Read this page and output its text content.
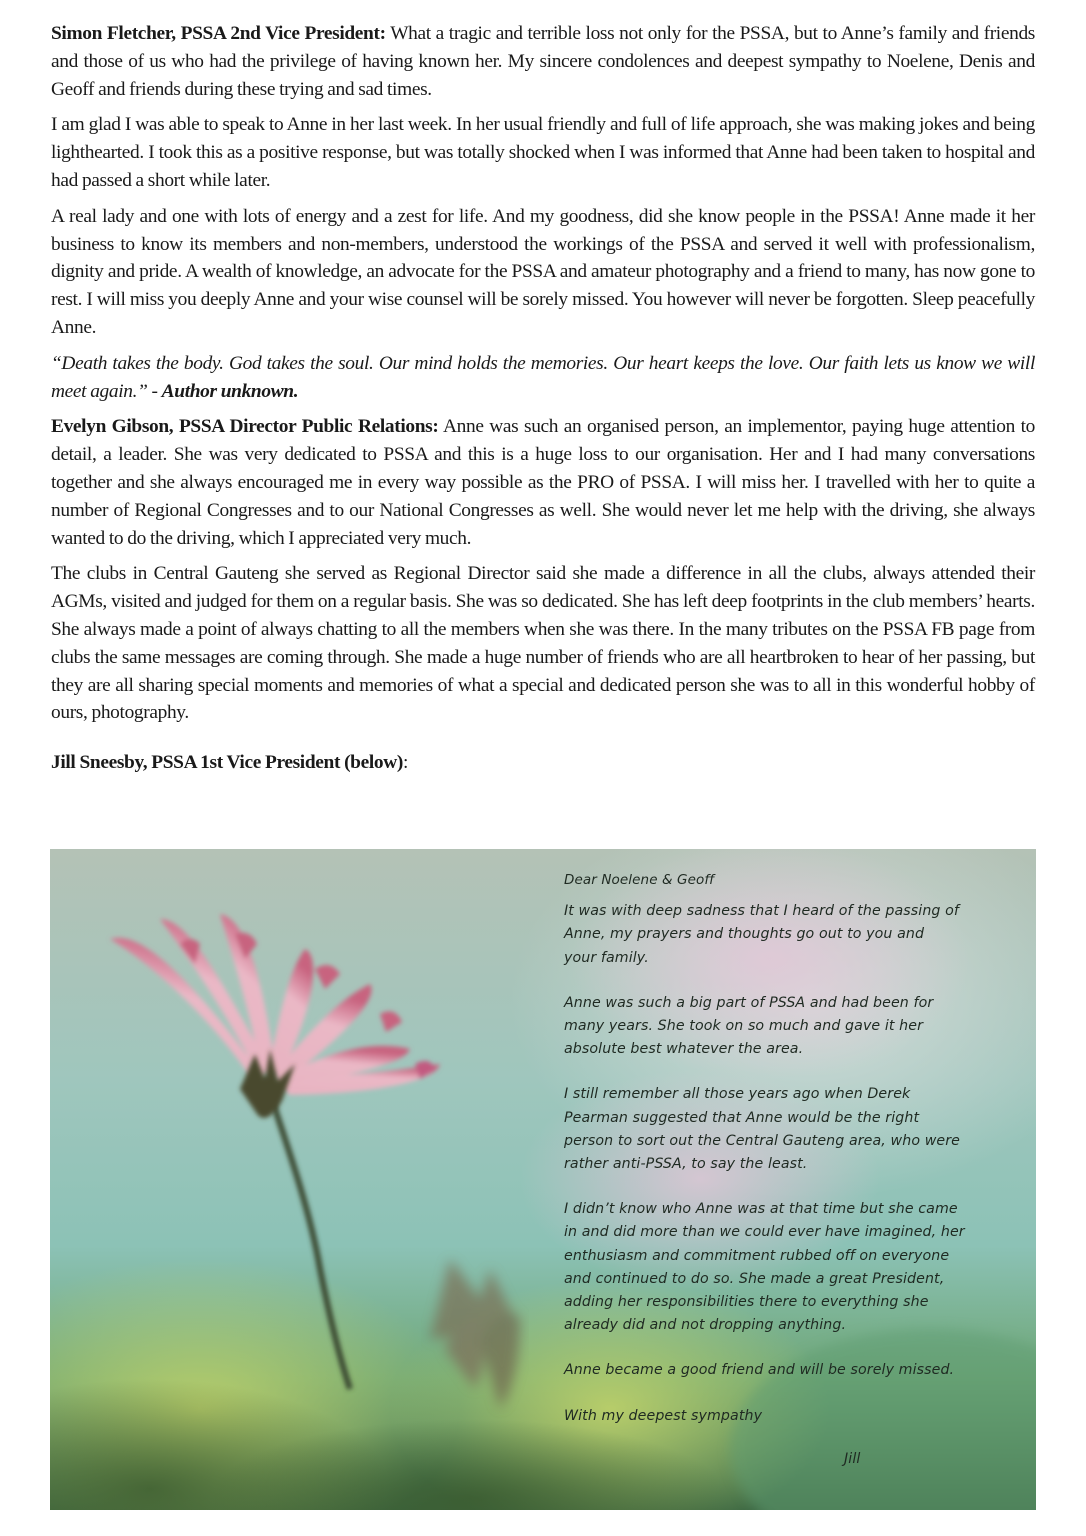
Simon Fletcher, PSSA 2nd Vice President: What a tragic and terrible loss not only for the PSSA, but to Anne’s family and friends and those of us who had the privilege of having known her. My sincere condolences and deepest sympathy to Noelene, Denis and Geoff and friends during these trying and sad times.

I am glad I was able to speak to Anne in her last week. In her usual friendly and full of life approach, she was making jokes and being lighthearted. I took this as a positive response, but was totally shocked when I was informed that Anne had been taken to hospital and had passed a short while later.

A real lady and one with lots of energy and a zest for life. And my goodness, did she know people in the PSSA! Anne made it her business to know its members and non-members, understood the workings of the PSSA and served it well with professionalism, dignity and pride. A wealth of knowledge, an advocate for the PSSA and amateur photography and a friend to many, has now gone to rest. I will miss you deeply Anne and your wise counsel will be sorely missed. You however will never be forgotten. Sleep peacefully Anne.

“Death takes the body. God takes the soul. Our mind holds the memories. Our heart keeps the love. Our faith lets us know we will meet again.” - Author unknown.

Evelyn Gibson, PSSA Director Public Relations: Anne was such an organised person, an implementor, paying huge attention to detail, a leader. She was very dedicated to PSSA and this is a huge loss to our organisation. Her and I had many conversations together and she always encouraged me in every way possible as the PRO of PSSA. I will miss her. I travelled with her to quite a number of Regional Congresses and to our National Congresses as well. She would never let me help with the driving, she always wanted to do the driving, which I appreciated very much.

The clubs in Central Gauteng she served as Regional Director said she made a difference in all the clubs, always attended their AGMs, visited and judged for them on a regular basis. She was so dedicated. She has left deep footprints in the club members’ hearts. She always made a point of always chatting to all the members when she was there. In the many tributes on the PSSA FB page from clubs the same messages are coming through. She made a huge number of friends who are all heartbroken to hear of her passing, but they are all sharing special moments and memories of what a special and dedicated person she was to all in this wonderful hobby of ours, photography.

Jill Sneesby, PSSA 1st Vice President (below):

Dear Noelene & Geoff
It was with deep sadness that I heard of the passing of
Anne, my prayers and thoughts go out to you and
your family.
Anne was such a big part of PSSA and had been for
many years. She took on so much and gave it her
absolute best whatever the area.
I still remember all those years ago when Derek
Pearman suggested that Anne would be the right
person to sort out the Central Gauteng area, who were
rather anti-PSSA, to say the least.
I didn’t know who Anne was at that time but she came
in and did more than we could ever have imagined, her
enthusiasm and commitment rubbed off on everyone
and continued to do so. She made a great President,
adding her responsibilities there to everything she
already did and not dropping anything.
Anne became a good friend and will be sorely missed.
With my deepest sympathy
Jill
